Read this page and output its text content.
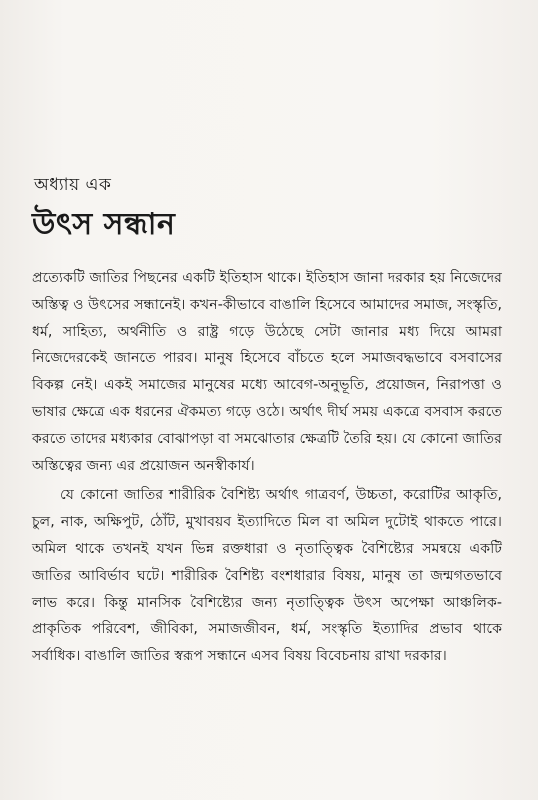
অধ্যায় এক
উৎস সন্ধান

প্রত্যেকটি জাতির পিছনের একটি ইতিহাস থাকে। ইতিহাস জানা দরকার হয় নিজেদের অস্তিত্ব ও উৎসের সন্ধানেই। কখন-কীভাবে বাঙালি হিসেবে আমাদের সমাজ, সংস্কৃতি, ধর্ম, সাহিত্য, অর্থনীতি ও রাষ্ট্র গড়ে উঠেছে সেটা জানার মধ্য দিয়ে আমরা নিজেদেরকেই জানতে পারব। মানুষ হিসেবে বাঁচতে হলে সমাজবদ্ধভাবে বসবাসের বিকল্প নেই। একই সমাজের মানুষের মধ্যে আবেগ-অনুভূতি, প্রয়োজন, নিরাপত্তা ও ভাষার ক্ষেত্রে এক ধরনের ঐকমত্য গড়ে ওঠে। অর্থাৎ দীর্ঘ সময় একত্রে বসবাস করতে করতে তাদের মধ্যকার বোঝাপড়া বা সমঝোতার ক্ষেত্রটি তৈরি হয়। যে কোনো জাতির অস্তিত্বের জন্য এর প্রয়োজন অনস্বীকার্য।

যে কোনো জাতির শারীরিক বৈশিষ্ট্য অর্থাৎ গাত্রবর্ণ, উচ্চতা, করোটির আকৃতি, চুল, নাক, অক্ষিপুট, ঠোঁট, মুখাবয়ব ইত্যাদিতে মিল বা অমিল দুটোই থাকতে পারে। অমিল থাকে তখনই যখন ভিন্ন রক্তধারা ও নৃতাত্ত্বিক বৈশিষ্ট্যের সমন্বয়ে একটি জাতির আবির্ভাব ঘটে। শারীরিক বৈশিষ্ট্য বংশধারার বিষয়, মানুষ তা জন্মগতভাবে লাভ করে। কিন্তু মানসিক বৈশিষ্ট্যের জন্য নৃতাত্ত্বিক উৎস অপেক্ষা আঞ্চলিক-প্রাকৃতিক পরিবেশ, জীবিকা, সমাজজীবন, ধর্ম, সংস্কৃতি ইত্যাদির প্রভাব থাকে সর্বাধিক। বাঙালি জাতির স্বরূপ সন্ধানে এসব বিষয় বিবেচনায় রাখা দরকার।
